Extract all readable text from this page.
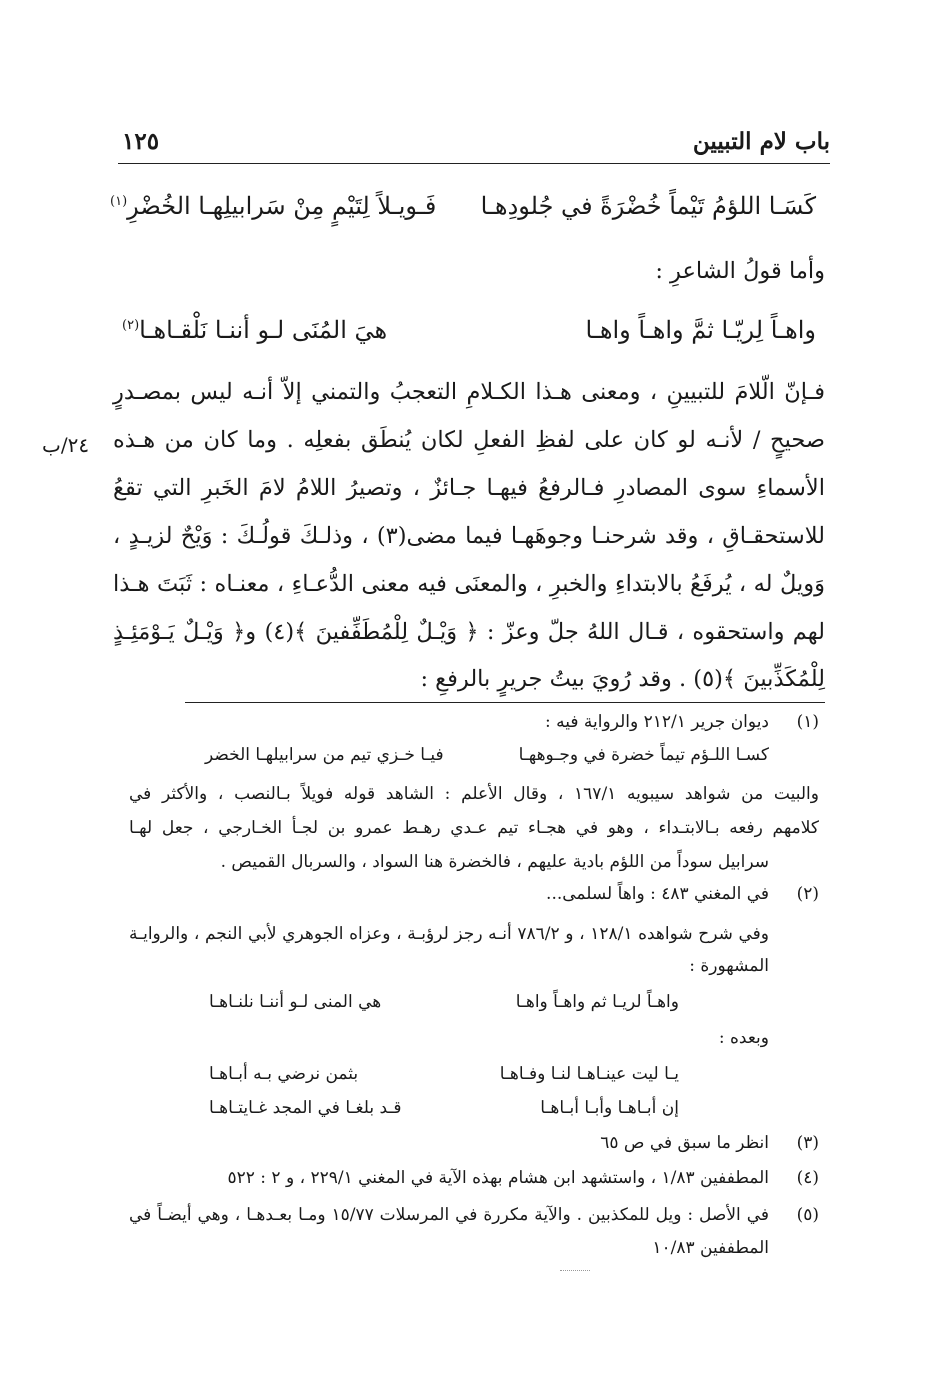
باب لام التبيين
١٢٥
كَسَـا اللؤمُ تَيْماً خُضْرَةً في جُلودِهـا
فَـويـلاً لِتَيْمٍ مِنْ سَرابيلِهـا الخُضْرِ$^{(١)}$
وأما قولُ الشاعرِ :
واهـاً لِريّـا ثمَّ واهـاً واهـا
هيَ المُنَى لـو أننـا نَلْقـاهـا$^{(٢)}$
فـإنّ الّلامَ للتبيينِ ، ومعنى هـذا الكـلامِ التعجبُ والتمني إلاّ أنـه ليس بمصـدرٍ
صحيحٍ / لأنـه لو كان على لفظِ الفعلِ لكان يُنطَق بفعلِه . وما كان من هـذه
الأسماءِ سوى المصادرِ فـالرفعُ فيهـا جـائزٌ ، وتصيرُ اللامُ لامَ الخَبرِ التي تقعُ
للاستحقـاقِ ، وقد شرحنـا وجوهَهـا فيما مضى(٣) ، وذلـكَ قولُـكَ : وَيْحٌ لزيـدٍ ،
وَويلٌ له ، يُرفَعُ بالابتداءِ والخبرِ ، والمعنَى فيه معنى الدُّعـاءِ ، معنـاه : ثَبَتَ هـذا
لهم واستحقوه ، قـال اللهُ جلّ وعزّ : ﴿ وَيْـلٌ لِلْمُطَفِّفينَ ﴾(٤) و﴿ وَيْـلٌ يَـوْمَئِـذٍ
لِلْمُكَذِّبينَ ﴾(٥) . وقد رُويَ بيتُ جريرٍ بالرفعِ :
٢٤/ب
(١)
ديوان جرير ٢١٢/١ والرواية فيه :
كسـا اللـؤم تيماً خضرة في وجـوههـا
فيـا خـزي تيم من سرابيلهـا الخضر
والبيت من شواهد سيبويه ١٦٧/١ ، وقال الأعلم : الشاهد قوله فويلاً بـالنصب ، والأكثر في
كلامهم رفعه بـالابتـداء ، وهو في هجـاء تيم عـدي رهـط عمرو بن لجـأ الخـارجي ، جعل لهـا
سرابيل سوداً من اللؤم بادية عليهم ، فالخضرة هنا السواد ، والسربال القميص .
(٢)
في المغني ٤٨٣ : واهاً لسلمى...
وفي شرح شواهده ١٢٨/١ ، و ٧٨٦/٢ أنـه رجز لرؤبـة ، وعزاه الجوهري لأبي النجم ، والروايـة
المشهورة :
واهـاً لريـا ثم واهـاً واهـا
هي المنى لـو أننـا نلنـاهـا
وبعده :
يـا ليت عينـاهـا لنـا وفـاهـا
بثمن نرضي بـه أبـاهـا
إن أبـاهـا وأبـا أبـاهـا
قـد بلغـا في المجد غـايتـاهـا
(٣)
انظر ما سبق في ص ٦٥
(٤)
المطففين ١/٨٣ ، واستشهد ابن هشام بهذه الآية في المغني ٢٢٩/١ ، و ٢ : ٥٢٢
(٥)
في الأصل : ويل للمكذبين . والآية مكررة في المرسلات ١٥/٧٧ ومـا بعـدهـا ، وهي أيضـاً في
المطففين ١٠/٨٣
